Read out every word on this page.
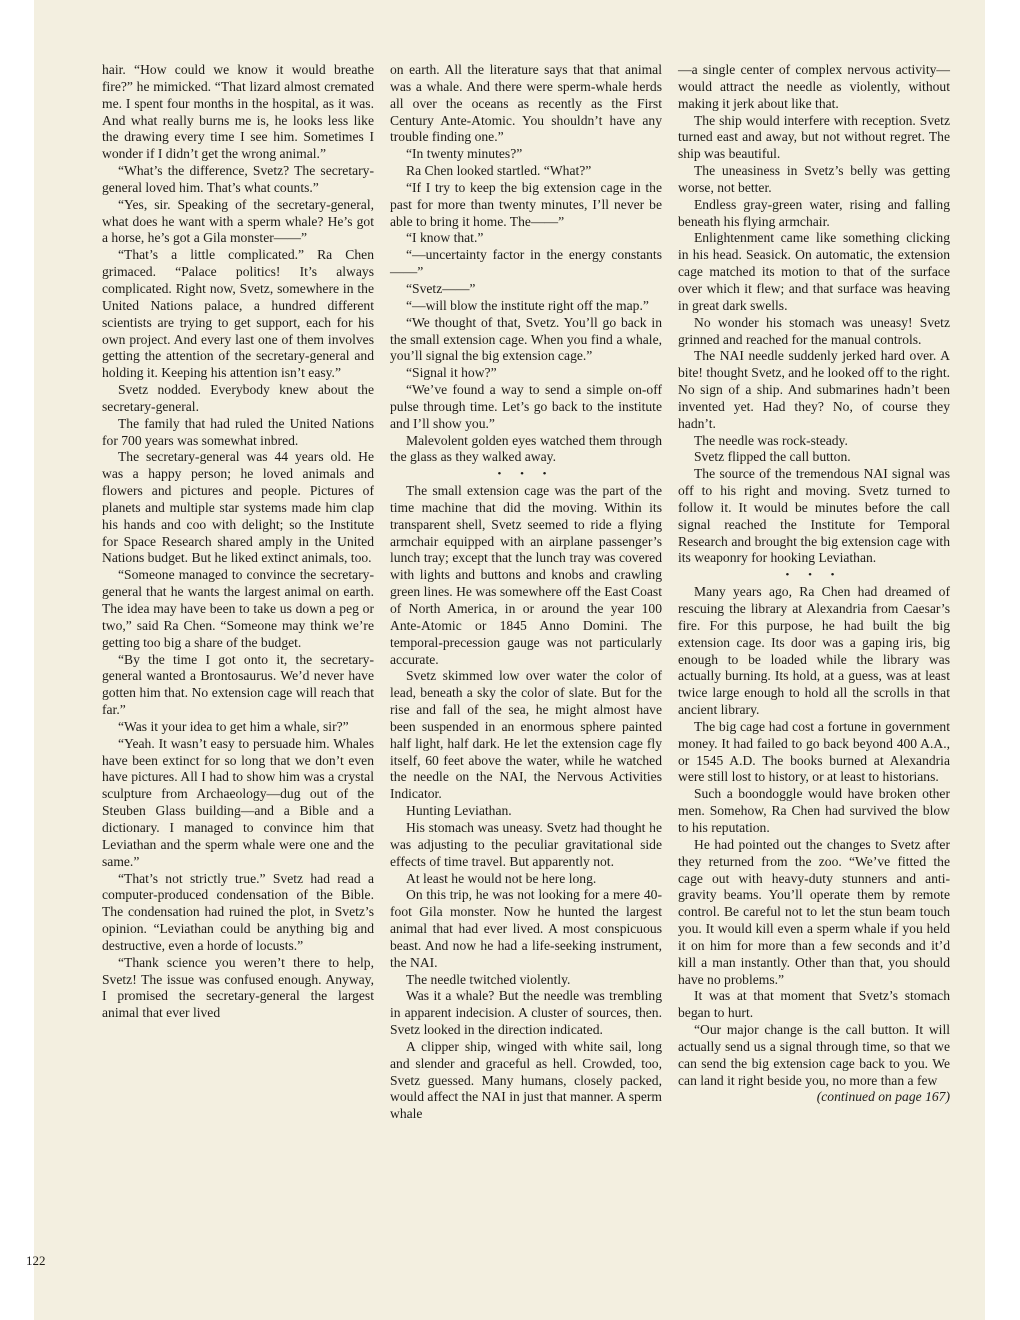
hair. “How could we know it would breathe fire?” he mimicked. “That lizard almost cremated me. I spent four months in the hospital, as it was. And what really burns me is, he looks less like the drawing every time I see him. Sometimes I wonder if I didn’t get the wrong animal.”

“What’s the difference, Svetz? The secretary-general loved him. That’s what counts.”

“Yes, sir. Speaking of the secretary-general, what does he want with a sperm whale? He’s got a horse, he’s got a Gila monster——”

“That’s a little complicated.” Ra Chen grimaced. “Palace politics! It’s always complicated. Right now, Svetz, somewhere in the United Nations palace, a hundred different scientists are trying to get support, each for his own project. And every last one of them involves getting the attention of the secretary-general and holding it. Keeping his attention isn’t easy.”

Svetz nodded. Everybody knew about the secretary-general.

The family that had ruled the United Nations for 700 years was somewhat inbred.

The secretary-general was 44 years old. He was a happy person; he loved animals and flowers and pictures and people. Pictures of planets and multiple star systems made him clap his hands and coo with delight; so the Institute for Space Research shared amply in the United Nations budget. But he liked extinct animals, too.

“Someone managed to convince the secretary-general that he wants the largest animal on earth. The idea may have been to take us down a peg or two,” said Ra Chen. “Someone may think we’re getting too big a share of the budget.

“By the time I got onto it, the secretary-general wanted a Brontosaurus. We’d never have gotten him that. No extension cage will reach that far.”

“Was it your idea to get him a whale, sir?”

“Yeah. It wasn’t easy to persuade him. Whales have been extinct for so long that we don’t even have pictures. All I had to show him was a crystal sculpture from Archaeology—dug out of the Steuben Glass building—and a Bible and a dictionary. I managed to convince him that Leviathan and the sperm whale were one and the same.”

“That’s not strictly true.” Svetz had read a computer-produced condensation of the Bible. The condensation had ruined the plot, in Svetz’s opinion. “Leviathan could be anything big and destructive, even a horde of locusts.”

“Thank science you weren’t there to help, Svetz! The issue was confused enough. Anyway, I promised the secretary-general the largest animal that ever lived

on earth. All the literature says that that animal was a whale. And there were sperm-whale herds all over the oceans as recently as the First Century Ante-Atomic. You shouldn’t have any trouble finding one.”

“In twenty minutes?”

Ra Chen looked startled. “What?”

“If I try to keep the big extension cage in the past for more than twenty minutes, I’ll never be able to bring it home. The——”

“I know that.”

“—uncertainty factor in the energy constants——”

“Svetz——”

“—will blow the institute right off the map.”

“We thought of that, Svetz. You’ll go back in the small extension cage. When you find a whale, you’ll signal the big extension cage.”

“Signal it how?”

“We’ve found a way to send a simple on-off pulse through time. Let’s go back to the institute and I’ll show you.”

Malevolent golden eyes watched them through the glass as they walked away.

• • •

The small extension cage was the part of the time machine that did the moving. Within its transparent shell, Svetz seemed to ride a flying armchair equipped with an airplane passenger’s lunch tray; except that the lunch tray was covered with lights and buttons and knobs and crawling green lines. He was somewhere off the East Coast of North America, in or around the year 100 Ante-Atomic or 1845 Anno Domini. The temporal-precession gauge was not particularly accurate.

Svetz skimmed low over water the color of lead, beneath a sky the color of slate. But for the rise and fall of the sea, he might almost have been suspended in an enormous sphere painted half light, half dark. He let the extension cage fly itself, 60 feet above the water, while he watched the needle on the NAI, the Nervous Activities Indicator.

Hunting Leviathan.

His stomach was uneasy. Svetz had thought he was adjusting to the peculiar gravitational side effects of time travel. But apparently not.

At least he would not be here long.

On this trip, he was not looking for a mere 40-foot Gila monster. Now he hunted the largest animal that had ever lived. A most conspicuous beast. And now he had a life-seeking instrument, the NAI.

The needle twitched violently.

Was it a whale? But the needle was trembling in apparent indecision. A cluster of sources, then. Svetz looked in the direction indicated.

A clipper ship, winged with white sail, long and slender and graceful as hell. Crowded, too, Svetz guessed. Many humans, closely packed, would affect the NAI in just that manner. A sperm whale

—a single center of complex nervous activity—would attract the needle as violently, without making it jerk about like that.

The ship would interfere with reception. Svetz turned east and away, but not without regret. The ship was beautiful.

The uneasiness in Svetz’s belly was getting worse, not better.

Endless gray-green water, rising and falling beneath his flying armchair.

Enlightenment came like something clicking in his head. Seasick. On automatic, the extension cage matched its motion to that of the surface over which it flew; and that surface was heaving in great dark swells.

No wonder his stomach was uneasy! Svetz grinned and reached for the manual controls.

The NAI needle suddenly jerked hard over. A bite! thought Svetz, and he looked off to the right. No sign of a ship. And submarines hadn’t been invented yet. Had they? No, of course they hadn’t.

The needle was rock-steady.

Svetz flipped the call button.

The source of the tremendous NAI signal was off to his right and moving. Svetz turned to follow it. It would be minutes before the call signal reached the Institute for Temporal Research and brought the big extension cage with its weaponry for hooking Leviathan.

• • •

Many years ago, Ra Chen had dreamed of rescuing the library at Alexandria from Caesar’s fire. For this purpose, he had built the big extension cage. Its door was a gaping iris, big enough to be loaded while the library was actually burning. Its hold, at a guess, was at least twice large enough to hold all the scrolls in that ancient library.

The big cage had cost a fortune in government money. It had failed to go back beyond 400 A.A., or 1545 A.D. The books burned at Alexandria were still lost to history, or at least to historians.

Such a boondoggle would have broken other men. Somehow, Ra Chen had survived the blow to his reputation.

He had pointed out the changes to Svetz after they returned from the zoo. “We’ve fitted the cage out with heavy-duty stunners and anti-gravity beams. You’ll operate them by remote control. Be careful not to let the stun beam touch you. It would kill even a sperm whale if you held it on him for more than a few seconds and it’d kill a man instantly. Other than that, you should have no problems.”

It was at that moment that Svetz’s stomach began to hurt.

“Our major change is the call button. It will actually send us a signal through time, so that we can send the big extension cage back to you. We can land it right beside you, no more than a few

(continued on page 167)

122
